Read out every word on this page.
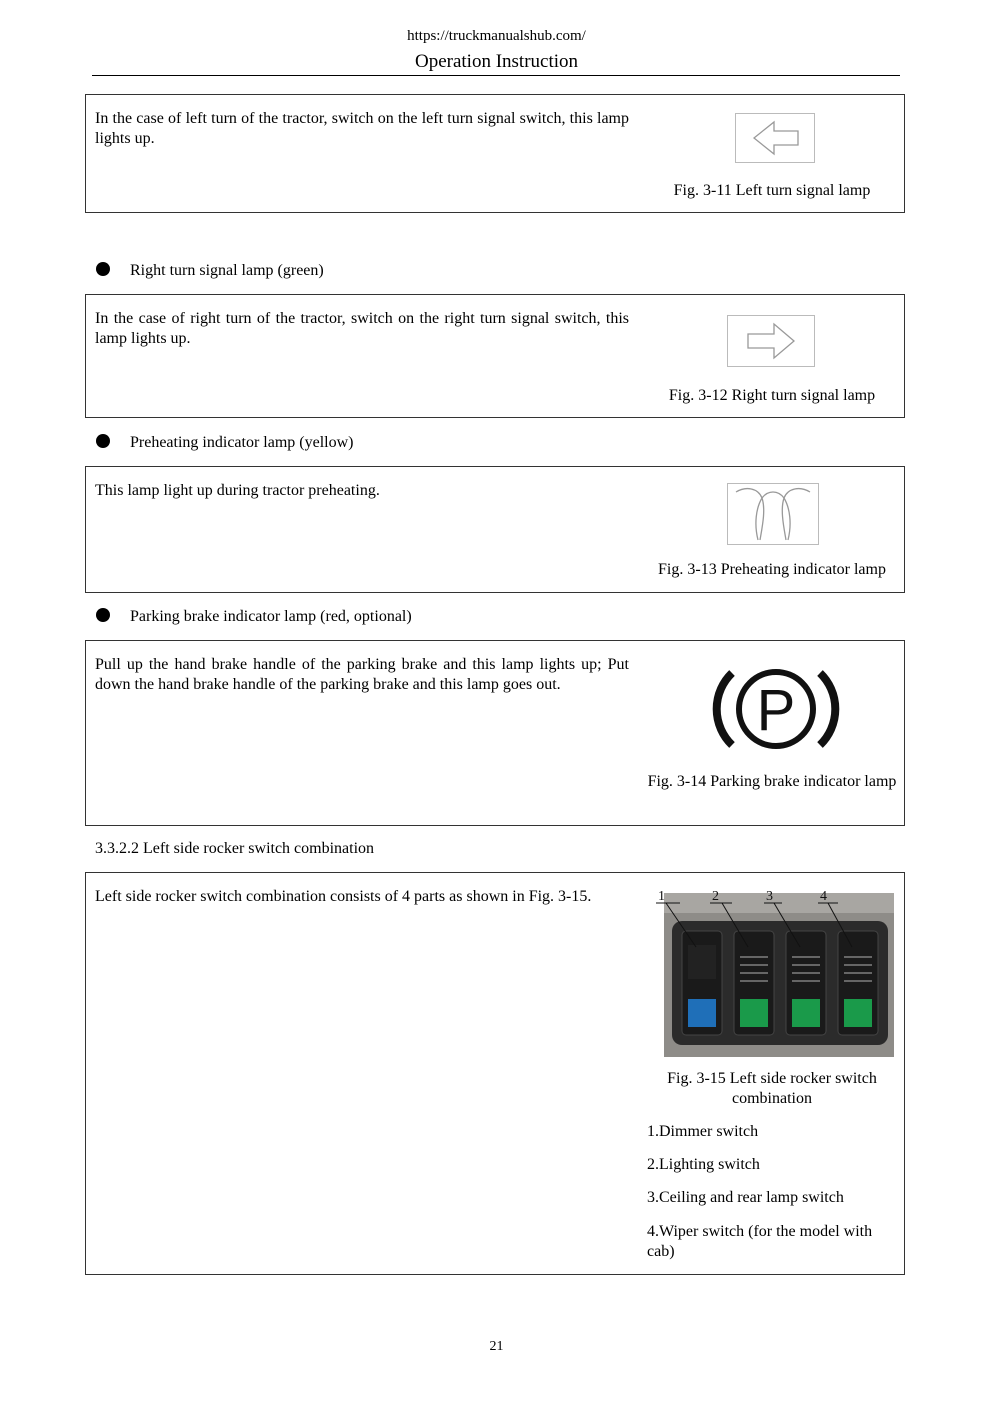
https://truckmanualshub.com/
Operation Instruction
In the case of left turn of the tractor, switch on the left turn signal switch, this lamp lights up.
Fig. 3-11 Left turn signal lamp
Right turn signal lamp (green)
In the case of right turn of the tractor, switch on the right turn signal switch, this lamp lights up.
Fig. 3-12 Right turn signal lamp
Preheating indicator lamp (yellow)
This lamp light up during tractor preheating.
Fig. 3-13 Preheating indicator lamp
Parking brake indicator lamp (red, optional)
Pull up the hand brake handle of the parking brake and this lamp lights up; Put down the hand brake handle of the parking brake and this lamp goes out.	P
Fig. 3-14 Parking brake indicator lamp
3.3.2.2 Left side rocker switch combination
Left side rocker switch combination consists of 4 parts as shown in Fig. 3-15.	1	2	3	4
Fig. 3-15 Left side rocker switch combination
1.Dimmer switch
2.Lighting switch
3.Ceiling and rear lamp switch
4.Wiper switch (for the model with cab)
21
